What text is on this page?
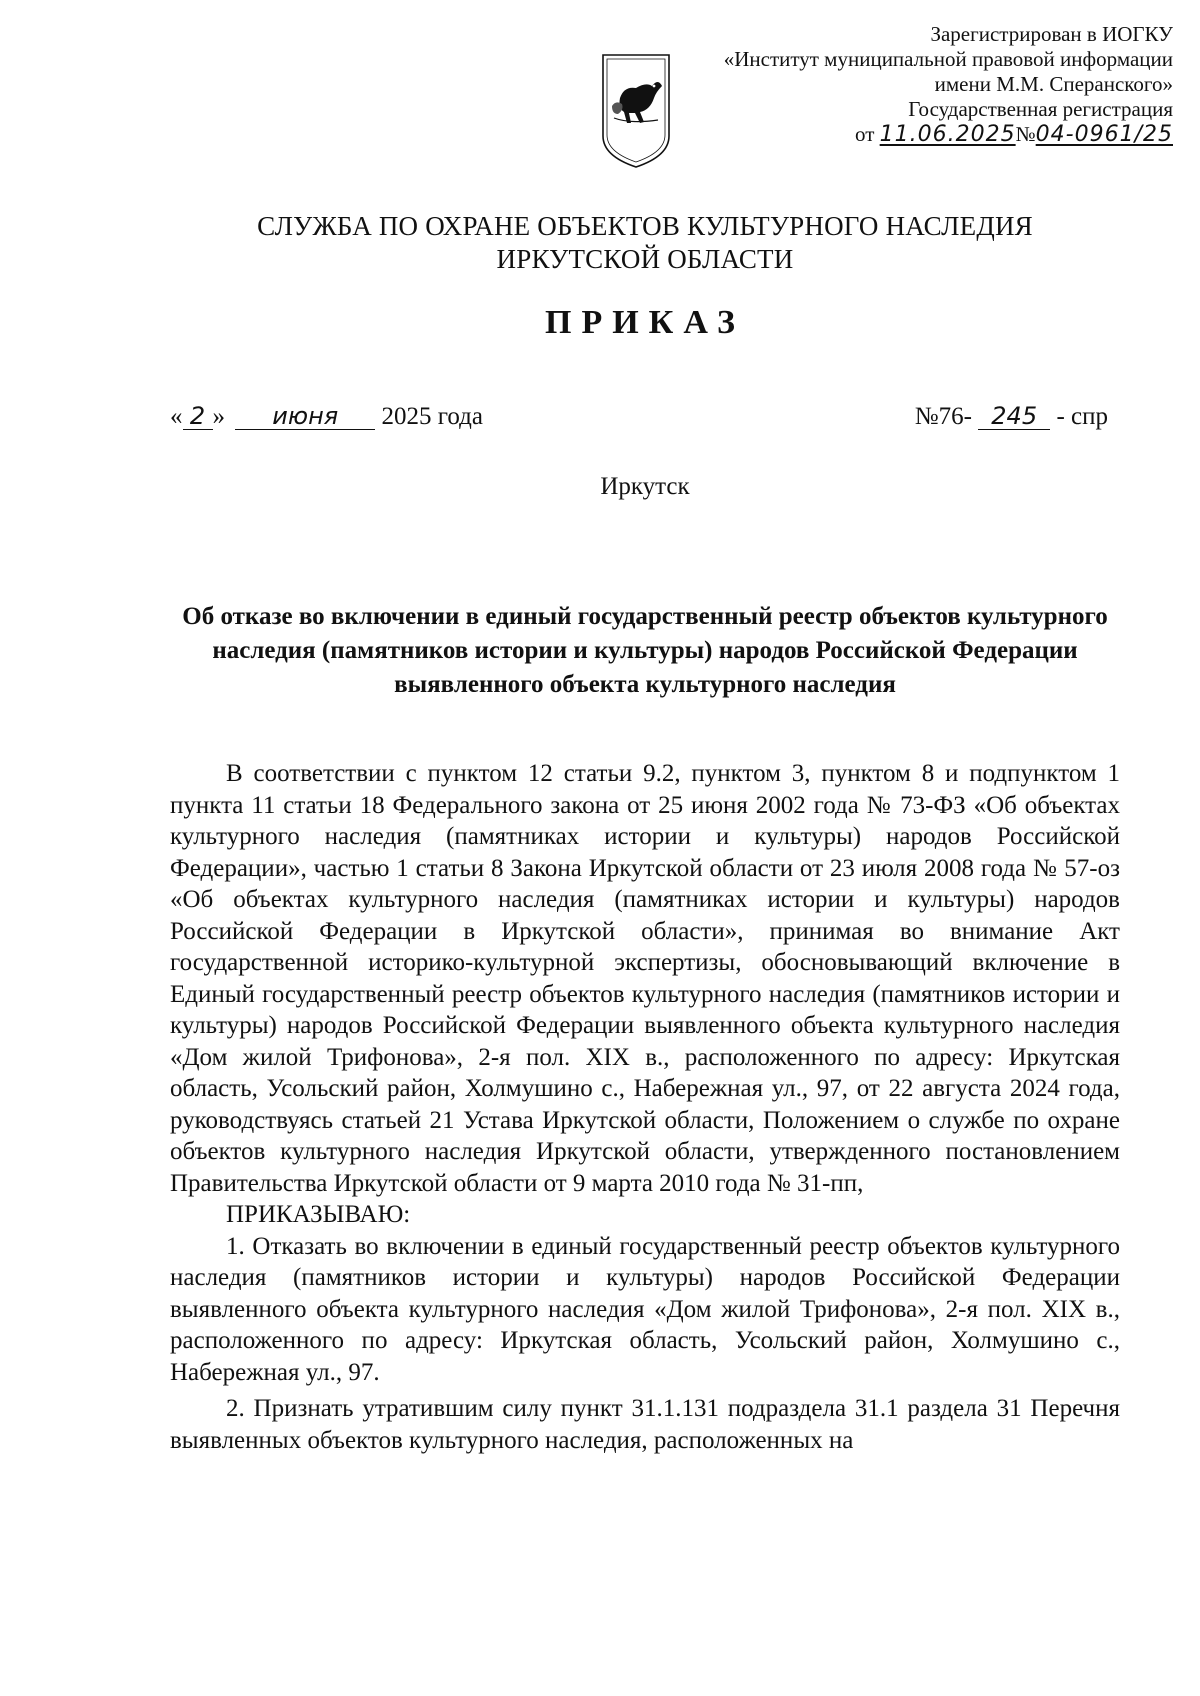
Зарегистрирован в ИОГКУ
«Институт муниципальной правовой информации
имени М.М. Сперанского»
Государственная регистрация
от 11.06.2025№04-0961/25
СЛУЖБА ПО ОХРАНЕ ОБЪЕКТОВ КУЛЬТУРНОГО НАСЛЕДИЯ
ИРКУТСКОЙ ОБЛАСТИ
ПРИКАЗ
« 2 » июня 2025 года	№76- 245 - спр
Иркутск
Об отказе во включении в единый государственный реестр объектов культурного наследия (памятников истории и культуры) народов Российской Федерации выявленного объекта культурного наследия

В соответствии с пунктом 12 статьи 9.2, пунктом 3, пунктом 8 и подпунктом 1 пункта 11 статьи 18 Федерального закона от 25 июня 2002 года № 73-ФЗ «Об объектах культурного наследия (памятниках истории и культуры) народов Российской Федерации», частью 1 статьи 8 Закона Иркутской области от 23 июля 2008 года № 57-оз «Об объектах культурного наследия (памятниках истории и культуры) народов Российской Федерации в Иркутской области», принимая во внимание Акт государственной историко-культурной экспертизы, обосновывающий включение в Единый государственный реестр объектов культурного наследия (памятников истории и культуры) народов Российской Федерации выявленного объекта культурного наследия «Дом жилой Трифонова», 2-я пол. XIX в., расположенного по адресу: Иркутская область, Усольский район, Холмушино с., Набережная ул., 97, от 22 августа 2024 года, руководствуясь статьей 21 Устава Иркутской области, Положением о службе по охране объектов культурного наследия Иркутской области, утвержденного постановлением Правительства Иркутской области от 9 марта 2010 года № 31-пп,

ПРИКАЗЫВАЮ:

1. Отказать во включении в единый государственный реестр объектов культурного наследия (памятников истории и культуры) народов Российской Федерации выявленного объекта культурного наследия «Дом жилой Трифонова», 2-я пол. XIX в., расположенного по адресу: Иркутская область, Усольский район, Холмушино с., Набережная ул., 97.

2. Признать утратившим силу пункт 31.1.131 подраздела 31.1 раздела 31 Перечня выявленных объектов культурного наследия, расположенных на
